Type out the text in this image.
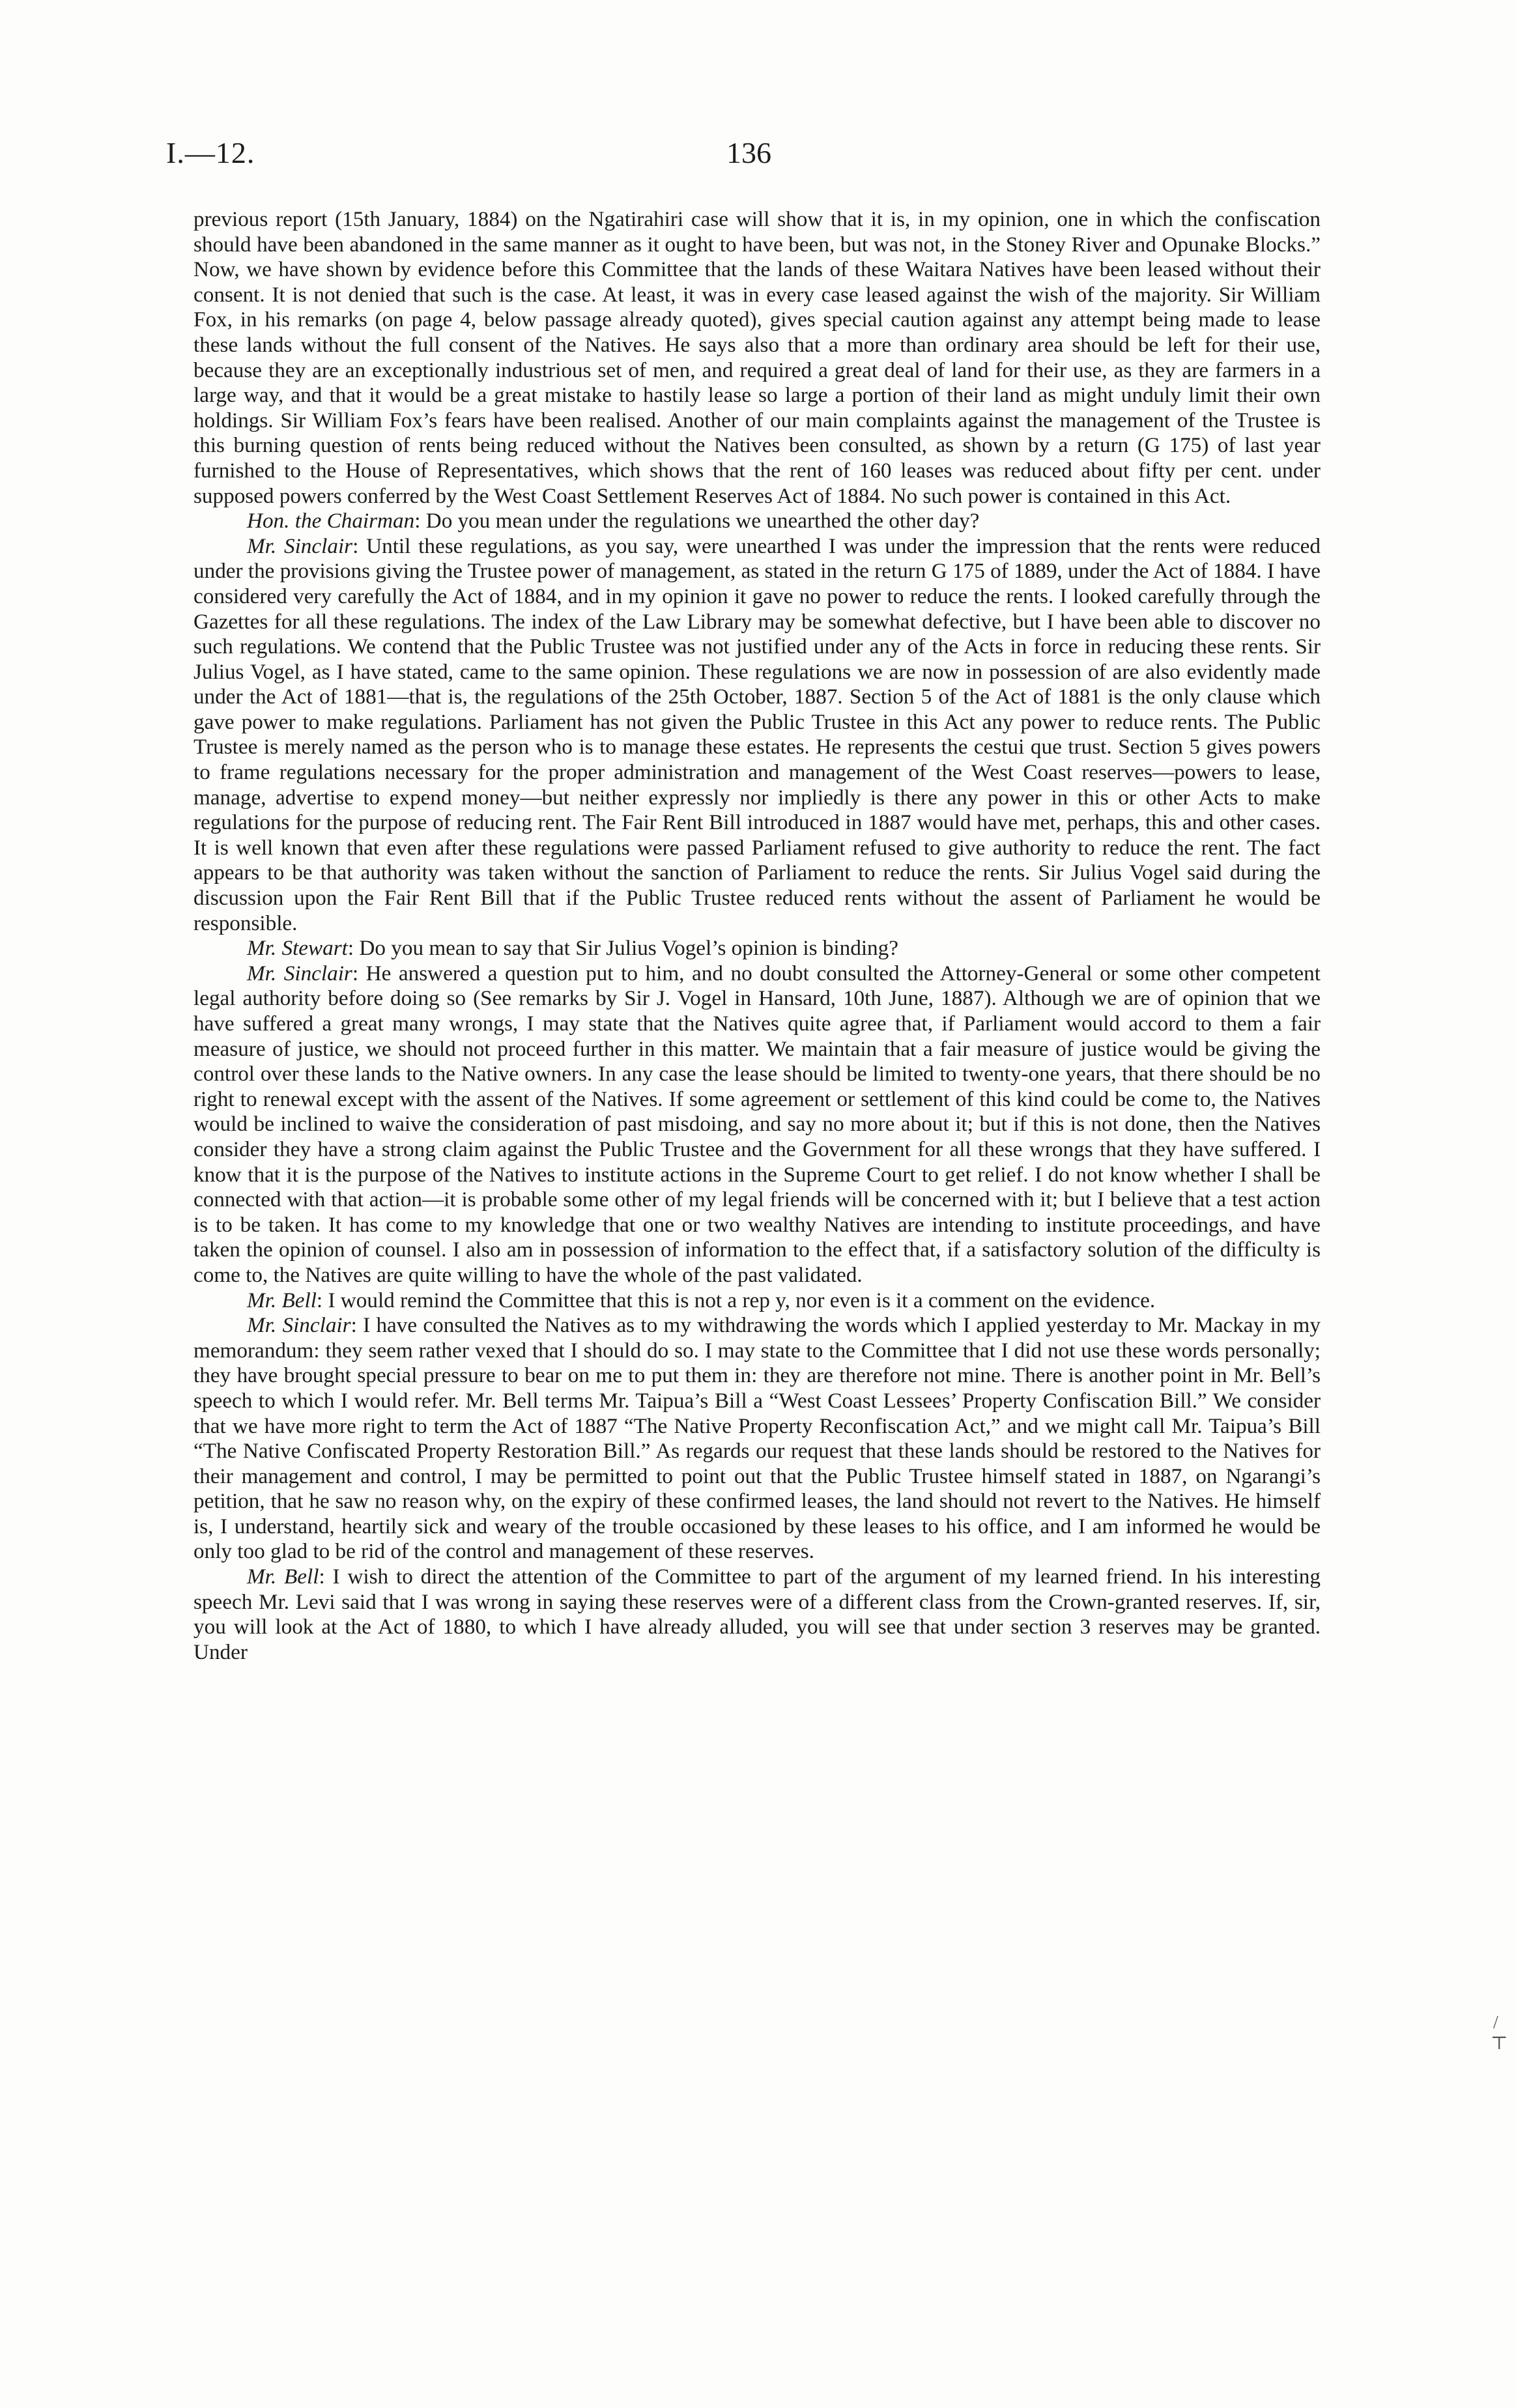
I.—12.	136

previous report (15th January, 1884) on the Ngatirahiri case will show that it is, in my opinion, one in which the confiscation should have been abandoned in the same manner as it ought to have been, but was not, in the Stoney River and Opunake Blocks.” Now, we have shown by evidence before this Committee that the lands of these Waitara Natives have been leased without their consent. It is not denied that such is the case. At least, it was in every case leased against the wish of the majority. Sir William Fox, in his remarks (on page 4, below passage already quoted), gives special caution against any attempt being made to lease these lands without the full consent of the Natives. He says also that a more than ordinary area should be left for their use, because they are an exceptionally industrious set of men, and required a great deal of land for their use, as they are farmers in a large way, and that it would be a great mistake to hastily lease so large a portion of their land as might unduly limit their own holdings. Sir William Fox’s fears have been realised. Another of our main complaints against the management of the Trustee is this burning question of rents being reduced without the Natives been consulted, as shown by a return (G 175) of last year furnished to the House of Representatives, which shows that the rent of 160 leases was reduced about fifty per cent. under supposed powers conferred by the West Coast Settlement Reserves Act of 1884. No such power is contained in this Act.

Hon. the Chairman: Do you mean under the regulations we unearthed the other day?

Mr. Sinclair: Until these regulations, as you say, were unearthed I was under the impression that the rents were reduced under the provisions giving the Trustee power of management, as stated in the return G 175 of 1889, under the Act of 1884. I have considered very carefully the Act of 1884, and in my opinion it gave no power to reduce the rents. I looked carefully through the Gazettes for all these regulations. The index of the Law Library may be somewhat defective, but I have been able to discover no such regulations. We contend that the Public Trustee was not justified under any of the Acts in force in reducing these rents. Sir Julius Vogel, as I have stated, came to the same opinion. These regulations we are now in possession of are also evidently made under the Act of 1881—that is, the regulations of the 25th October, 1887. Section 5 of the Act of 1881 is the only clause which gave power to make regulations. Parliament has not given the Public Trustee in this Act any power to reduce rents. The Public Trustee is merely named as the person who is to manage these estates. He represents the cestui que trust. Section 5 gives powers to frame regulations necessary for the proper administration and management of the West Coast reserves—powers to lease, manage, advertise to expend money—but neither expressly nor impliedly is there any power in this or other Acts to make regulations for the purpose of reducing rent. The Fair Rent Bill introduced in 1887 would have met, perhaps, this and other cases. It is well known that even after these regulations were passed Parliament refused to give authority to reduce the rent. The fact appears to be that authority was taken without the sanction of Parliament to reduce the rents. Sir Julius Vogel said during the discussion upon the Fair Rent Bill that if the Public Trustee reduced rents without the assent of Parliament he would be responsible.

Mr. Stewart: Do you mean to say that Sir Julius Vogel’s opinion is binding?

Mr. Sinclair: He answered a question put to him, and no doubt consulted the Attorney-General or some other competent legal authority before doing so (See remarks by Sir J. Vogel in Hansard, 10th June, 1887). Although we are of opinion that we have suffered a great many wrongs, I may state that the Natives quite agree that, if Parliament would accord to them a fair measure of justice, we should not proceed further in this matter. We maintain that a fair measure of justice would be giving the control over these lands to the Native owners. In any case the lease should be limited to twenty-one years, that there should be no right to renewal except with the assent of the Natives. If some agreement or settlement of this kind could be come to, the Natives would be inclined to waive the consideration of past misdoing, and say no more about it; but if this is not done, then the Natives consider they have a strong claim against the Public Trustee and the Government for all these wrongs that they have suffered. I know that it is the purpose of the Natives to institute actions in the Supreme Court to get relief. I do not know whether I shall be connected with that action—it is probable some other of my legal friends will be concerned with it; but I believe that a test action is to be taken. It has come to my knowledge that one or two wealthy Natives are intending to institute proceedings, and have taken the opinion of counsel. I also am in possession of information to the effect that, if a satisfactory solution of the difficulty is come to, the Natives are quite willing to have the whole of the past validated.

Mr. Bell: I would remind the Committee that this is not a rep y, nor even is it a comment on the evidence.

Mr. Sinclair: I have consulted the Natives as to my withdrawing the words which I applied yesterday to Mr. Mackay in my memorandum: they seem rather vexed that I should do so. I may state to the Committee that I did not use these words personally; they have brought special pressure to bear on me to put them in: they are therefore not mine. There is another point in Mr. Bell’s speech to which I would refer. Mr. Bell terms Mr. Taipua’s Bill a “West Coast Lessees’ Property Confiscation Bill.” We consider that we have more right to term the Act of 1887 “The Native Property Reconfiscation Act,” and we might call Mr. Taipua’s Bill “The Native Confiscated Property Restoration Bill.” As regards our request that these lands should be restored to the Natives for their management and control, I may be permitted to point out that the Public Trustee himself stated in 1887, on Ngarangi’s petition, that he saw no reason why, on the expiry of these confirmed leases, the land should not revert to the Natives. He himself is, I understand, heartily sick and weary of the trouble occasioned by these leases to his office, and I am informed he would be only too glad to be rid of the control and management of these reserves.

Mr. Bell: I wish to direct the attention of the Committee to part of the argument of my learned friend. In his interesting speech Mr. Levi said that I was wrong in saying these reserves were of a different class from the Crown-granted reserves. If, sir, you will look at the Act of 1880, to which I have already alluded, you will see that under section 3 reserves may be granted. Under

/
⊤
